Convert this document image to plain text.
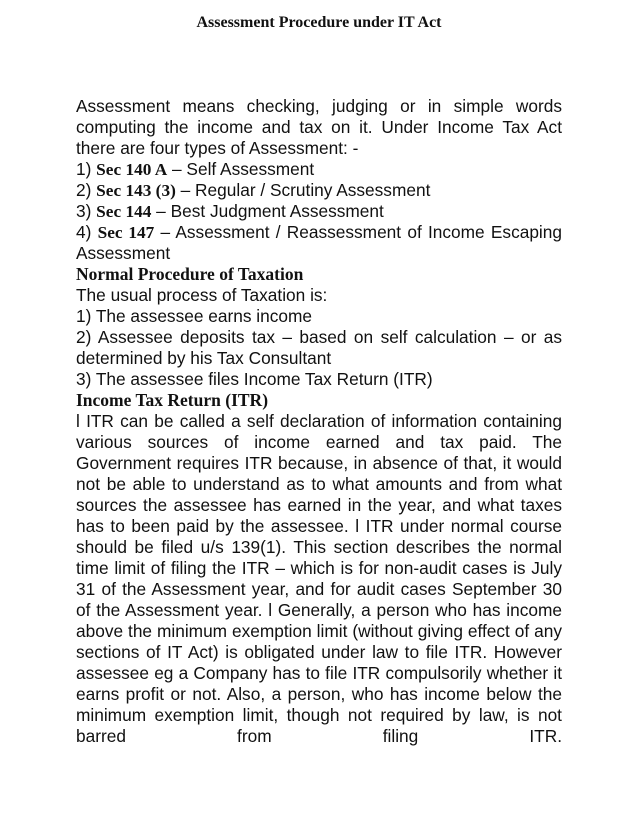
Assessment Procedure under IT Act

Assessment means checking, judging or in simple words computing the income and tax on it. Under Income Tax Act there are four types of Assessment: -

1) Sec 140 A – Self Assessment

2) Sec 143 (3) – Regular / Scrutiny Assessment

3) Sec 144 – Best Judgment Assessment

4) Sec 147 – Assessment / Reassessment of Income Escaping Assessment

Normal Procedure of Taxation

The usual process of Taxation is:

1) The assessee earns income

2) Assessee deposits tax – based on self calculation – or as determined by his Tax Consultant

3) The assessee files Income Tax Return (ITR)

Income Tax Return (ITR)

l ITR can be called a self declaration of information containing various sources of income earned and tax paid. The Government requires ITR because, in absence of that, it would not be able to understand as to what amounts and from what sources the assessee has earned in the year, and what taxes has to been paid by the assessee. l ITR under normal course should be filed u/s 139(1). This section describes the normal time limit of filing the ITR – which is for non-audit cases is July 31 of the Assessment year, and for audit cases September 30 of the Assessment year. l Generally, a person who has income above the minimum exemption limit (without giving effect of any sections of IT Act) is obligated under law to file ITR. However assessee eg a Company has to file ITR compulsorily whether it earns profit or not. Also, a person, who has income below the minimum exemption limit, though not required by law, is not barred from filing ITR.
